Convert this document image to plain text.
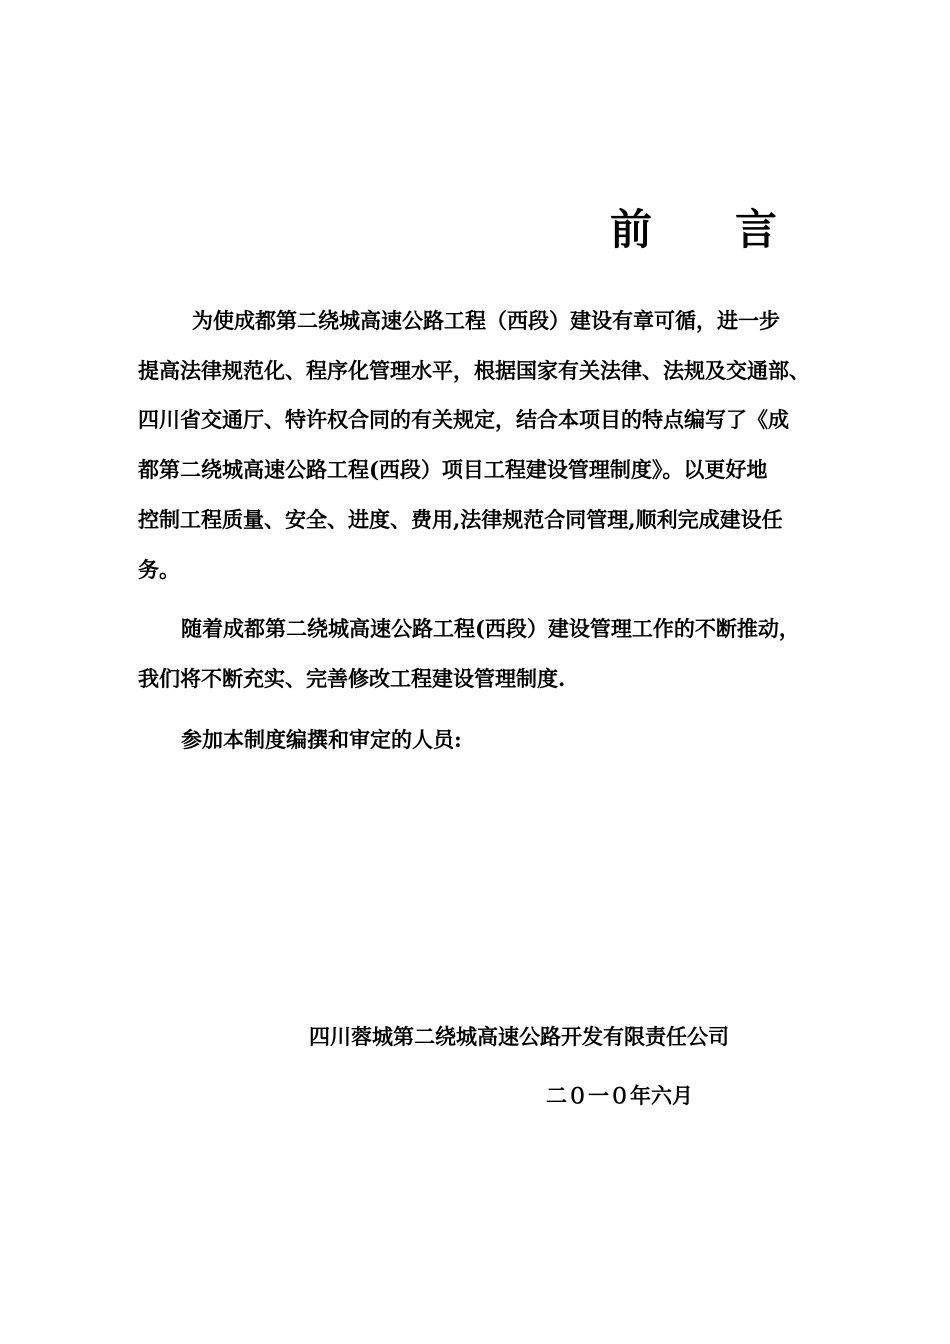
前 言
为使成都第二绕城高速公路工程（西段）建设有章可循，进一步
提高法律规范化、程序化管理水平，根据国家有关法律、法规及交通部、
四川省交通厅、特许权合同的有关规定，结合本项目的特点编写了《成
都第二绕城高速公路工程(西段）项目工程建设管理制度》。以更好地
控制工程质量、安全、进度、费用,法律规范合同管理,顺利完成建设任
务。
随着成都第二绕城高速公路工程(西段）建设管理工作的不断推动，
我们将不断充实、完善修改工程建设管理制度.
参加本制度编撰和审定的人员:
四川蓉城第二绕城高速公路开发有限责任公司
二０一０年六月
